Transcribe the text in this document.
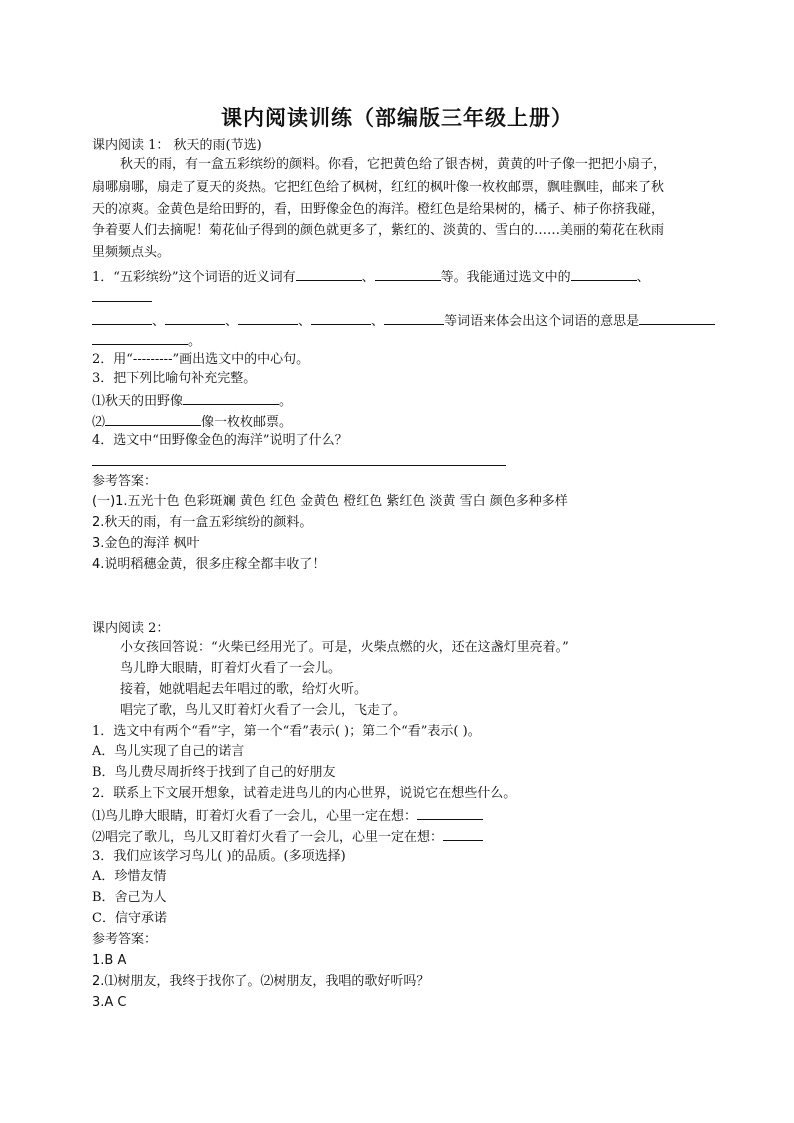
课内阅读训练（部编版三年级上册）
课内阅读 1： 秋天的雨(节选)
秋天的雨，有一盒五彩缤纷的颜料。你看，它把黄色给了银杏树，黄黄的叶子像一把把小扇子，
扇哪扇哪，扇走了夏天的炎热。它把红色给了枫树，红红的枫叶像一枚枚邮票，飘哇飘哇，邮来了秋
天的凉爽。金黄色是给田野的，看，田野像金色的海洋。橙红色是给果树的，橘子、柿子你挤我碰，
争着要人们去摘呢！菊花仙子得到的颜色就更多了，紫红的、淡黄的、雪白的……美丽的菊花在秋雨
里频频点头。
1．“五彩缤纷”这个词语的近义词有	、	等。我能通过选文中的	、
、	、	、	、	等词语来体会出这个词语的意思是
。
2．用“---------”画出选文中的中心句。
3．把下列比喻句补充完整。
⑴秋天的田野像	。
⑵	像一枚枚邮票。
4．选文中“田野像金色的海洋”说明了什么？
参考答案：
(一)1.五光十色 色彩斑斓 黄色 红色 金黄色 橙红色 紫红色 淡黄 雪白 颜色多种多样
2.秋天的雨，有一盒五彩缤纷的颜料。
3.金色的海洋 枫叶
4.说明稻穗金黄，很多庄稼全都丰收了！
课内阅读 2：
小女孩回答说：“火柴已经用光了。可是，火柴点燃的火，还在这盏灯里亮着。”
鸟儿睁大眼睛，盯着灯火看了一会儿。
接着，她就唱起去年唱过的歌，给灯火听。
唱完了歌，鸟儿又盯着灯火看了一会儿，飞走了。
1．选文中有两个“看”字，第一个“看”表示( )；第二个“看”表示( )。
A．鸟儿实现了自己的诺言
B．鸟儿费尽周折终于找到了自己的好朋友
2．联系上下文展开想象，试着走进鸟儿的内心世界，说说它在想些什么。
⑴鸟儿睁大眼睛，盯着灯火看了一会儿，心里一定在想：
⑵唱完了歌儿，鸟儿又盯着灯火看了一会儿，心里一定在想：
3．我们应该学习鸟儿( )的品质。(多项选择)
A．珍惜友情
B．舍己为人
C．信守承诺
参考答案：
1.B A
2.⑴树朋友，我终于找你了。⑵树朋友，我唱的歌好听吗？
3.A C
